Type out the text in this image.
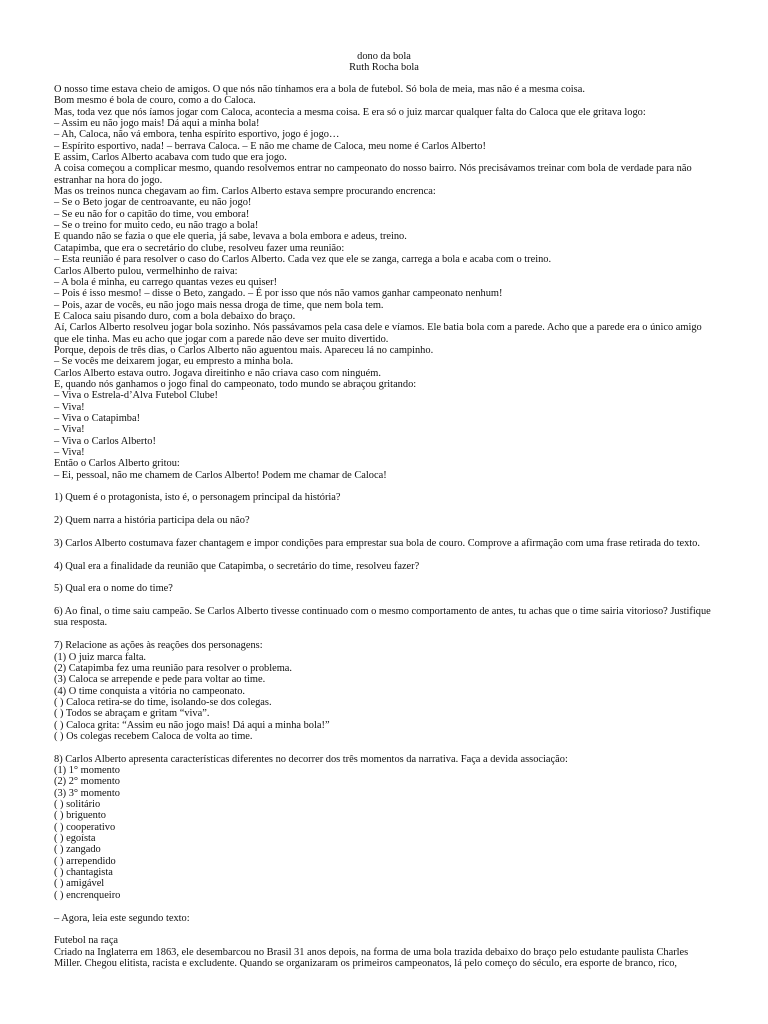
dono da bola
Ruth Rocha bola
O nosso time estava cheio de amigos. O que nós não tínhamos era a bola de futebol. Só bola de meia, mas não é a mesma coisa.
Bom mesmo é bola de couro, como a do Caloca.
Mas, toda vez que nós íamos jogar com Caloca, acontecia a mesma coisa. E era só o juiz marcar qualquer falta do Caloca que ele gritava logo:
– Assim eu não jogo mais! Dá aqui a minha bola!
– Ah, Caloca, não vá embora, tenha espírito esportivo, jogo é jogo…
– Espírito esportivo, nada! – berrava Caloca. – E não me chame de Caloca, meu nome é Carlos Alberto!
E assim, Carlos Alberto acabava com tudo que era jogo.
A coisa começou a complicar mesmo, quando resolvemos entrar no campeonato do nosso bairro. Nós precisávamos treinar com bola de verdade para não estranhar na hora do jogo.
Mas os treinos nunca chegavam ao fim. Carlos Alberto estava sempre procurando encrenca:
– Se o Beto jogar de centroavante, eu não jogo!
– Se eu não for o capitão do time, vou embora!
– Se o treino for muito cedo, eu não trago a bola!
E quando não se fazia o que ele queria, já sabe, levava a bola embora e adeus, treino.
Catapimba, que era o secretário do clube, resolveu fazer uma reunião:
– Esta reunião é para resolver o caso do Carlos Alberto. Cada vez que ele se zanga, carrega a bola e acaba com o treino.
Carlos Alberto pulou, vermelhinho de raiva:
– A bola é minha, eu carrego quantas vezes eu quiser!
– Pois é isso mesmo! – disse o Beto, zangado. – É por isso que nós não vamos ganhar campeonato nenhum!
– Pois, azar de vocês, eu não jogo mais nessa droga de time, que nem bola tem.
E Caloca saiu pisando duro, com a bola debaixo do braço.
Aí, Carlos Alberto resolveu jogar bola sozinho. Nós passávamos pela casa dele e víamos. Ele batia bola com a parede. Acho que a parede era o único amigo que ele tinha. Mas eu acho que jogar com a parede não deve ser muito divertido.
Porque, depois de três dias, o Carlos Alberto não aguentou mais. Apareceu lá no campinho.
– Se vocês me deixarem jogar, eu empresto a minha bola.
Carlos Alberto estava outro. Jogava direitinho e não criava caso com ninguém.
E, quando nós ganhamos o jogo final do campeonato, todo mundo se abraçou gritando:
– Viva o Estrela-d’Alva Futebol Clube!
– Viva!
– Viva o Catapimba!
– Viva!
– Viva o Carlos Alberto!
– Viva!
Então o Carlos Alberto gritou:
– Ei, pessoal, não me chamem de Carlos Alberto! Podem me chamar de Caloca!
1) Quem é o protagonista, isto é, o personagem principal da história?
2) Quem narra a história participa dela ou não?
3) Carlos Alberto costumava fazer chantagem e impor condições para emprestar sua bola de couro. Comprove a afirmação com uma frase retirada do texto.
4) Qual era a finalidade da reunião que Catapimba, o secretário do time, resolveu fazer?
5) Qual era o nome do time?
6) Ao final, o time saiu campeão. Se Carlos Alberto tivesse continuado com o mesmo comportamento de antes, tu achas que o time sairia vitorioso? Justifique sua resposta.
7) Relacione as ações às reações dos personagens:
(1) O juiz marca falta.
(2) Catapimba fez uma reunião para resolver o problema.
(3) Caloca se arrepende e pede para voltar ao time.
(4) O time conquista a vitória no campeonato.
( ) Caloca retira-se do time, isolando-se dos colegas.
( ) Todos se abraçam e gritam “viva”.
( ) Caloca grita: “Assim eu não jogo mais! Dá aqui a minha bola!”
( ) Os colegas recebem Caloca de volta ao time.
8) Carlos Alberto apresenta características diferentes no decorrer dos três momentos da narrativa. Faça a devida associação:
(1) 1° momento
(2) 2° momento
(3) 3° momento
( ) solitário
( ) briguento
( ) cooperativo
( ) egoísta
( ) zangado
( ) arrependido
( ) chantagista
( ) amigável
( ) encrenqueiro
– Agora, leia este segundo texto:
Futebol na raça
Criado na Inglaterra em 1863, ele desembarcou no Brasil 31 anos depois, na forma de uma bola trazida debaixo do braço pelo estudante paulista Charles Miller. Chegou elitista, racista e excludente. Quando se organizaram os primeiros campeonatos, lá pelo começo do século, era esporte de branco, rico,
